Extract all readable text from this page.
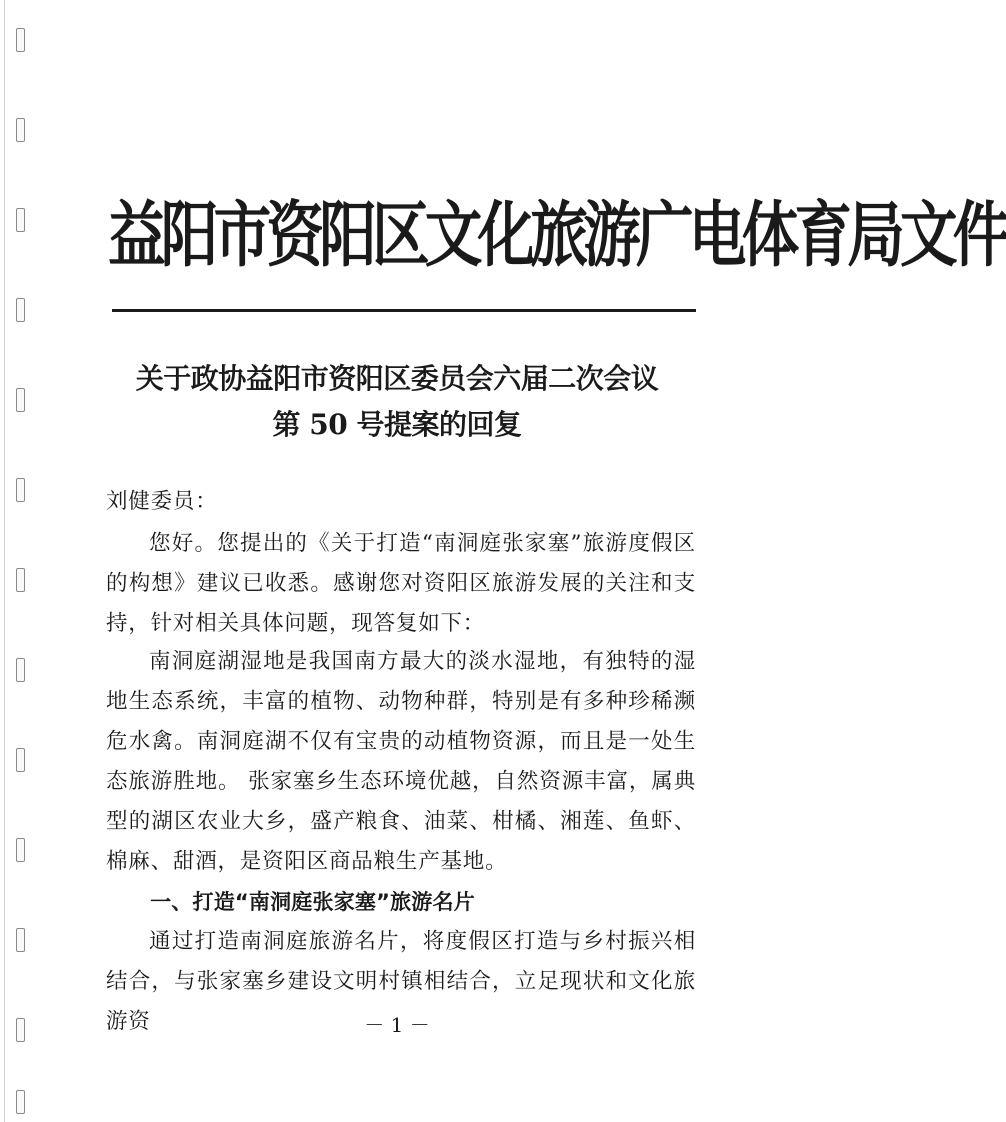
益阳市资阳区文化旅游广电体育局文件
关于政协益阳市资阳区委员会六届二次会议
第 50 号提案的回复
刘健委员：
您好。您提出的《关于打造“南洞庭张家塞”旅游度假区的构想》建议已收悉。感谢您对资阳区旅游发展的关注和支持，针对相关具体问题，现答复如下：
南洞庭湖湿地是我国南方最大的淡水湿地，有独特的湿地生态系统，丰富的植物、动物种群，特别是有多种珍稀濒危水禽。南洞庭湖不仅有宝贵的动植物资源，而且是一处生态旅游胜地。 张家塞乡生态环境优越，自然资源丰富，属典型的湖区农业大乡，盛产粮食、油菜、柑橘、湘莲、鱼虾、棉麻、甜酒，是资阳区商品粮生产基地。
一、打造“南洞庭张家塞”旅游名片
通过打造南洞庭旅游名片，将度假区打造与乡村振兴相结合，与张家塞乡建设文明村镇相结合，立足现状和文化旅游资	－ 1 －
